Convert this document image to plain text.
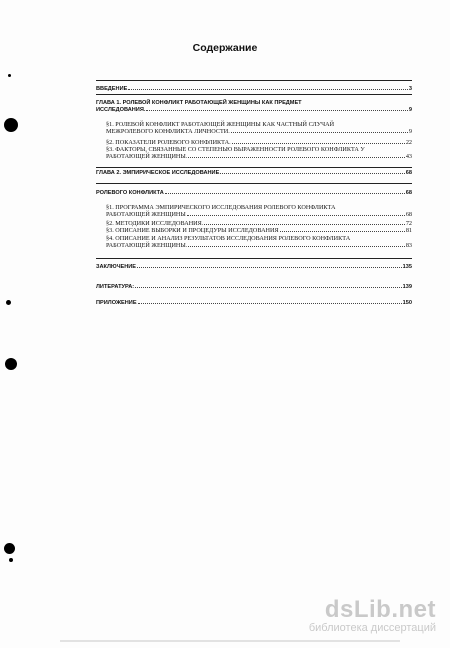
Содержание
ВВЕДЕНИЕ	3
ГЛАВА 1. РОЛЕВОЙ КОНФЛИКТ РАБОТАЮЩЕЙ ЖЕНЩИНЫ КАК ПРЕДМЕТ
ИССЛЕДОВАНИЯ.	9
§1. РОЛЕВОЙ КОНФЛИКТ РАБОТАЮЩЕЙ ЖЕНЩИНЫ КАК ЧАСТНЫЙ СЛУЧАЙ
МЕЖРОЛЕВОГО КОНФЛИКТА ЛИЧНОСТИ.	9
§2. ПОКАЗАТЕЛИ РОЛЕВОГО КОНФЛИКТА.	22
§3. ФАКТОРЫ, СВЯЗАННЫЕ СО СТЕПЕНЬЮ ВЫРАЖЕННОСТИ РОЛЕВОГО КОНФЛИКТА У
РАБОТАЮЩЕЙ ЖЕНЩИНЫ.	43
ГЛАВА 2. ЭМПИРИЧЕСКОЕ ИССЛЕДОВАНИЕ	68
РОЛЕВОГО КОНФЛИКТА	68
§1. ПРОГРАММА ЭМПИРИЧЕСКОГО ИССЛЕДОВАНИЯ РОЛЕВОГО КОНФЛИКТА
РАБОТАЮЩЕЙ ЖЕНЩИНЫ	68
§2. МЕТОДИКИ ИССЛЕДОВАНИЯ.	72
§3. ОПИСАНИЕ ВЫБОРКИ И ПРОЦЕДУРЫ ИССЛЕДОВАНИЯ	81
§4. ОПИСАНИЕ И АНАЛИЗ РЕЗУЛЬТАТОВ ИССЛЕДОВАНИЯ РОЛЕВОГО КОНФЛИКТА
РАБОТАЮЩЕЙ ЖЕНЩИНЫ.	83
ЗАКЛЮЧЕНИЕ	135
ЛИТЕРАТУРА:	139
ПРИЛОЖЕНИЕ	150
dsLib.net
библиотека диссертаций
